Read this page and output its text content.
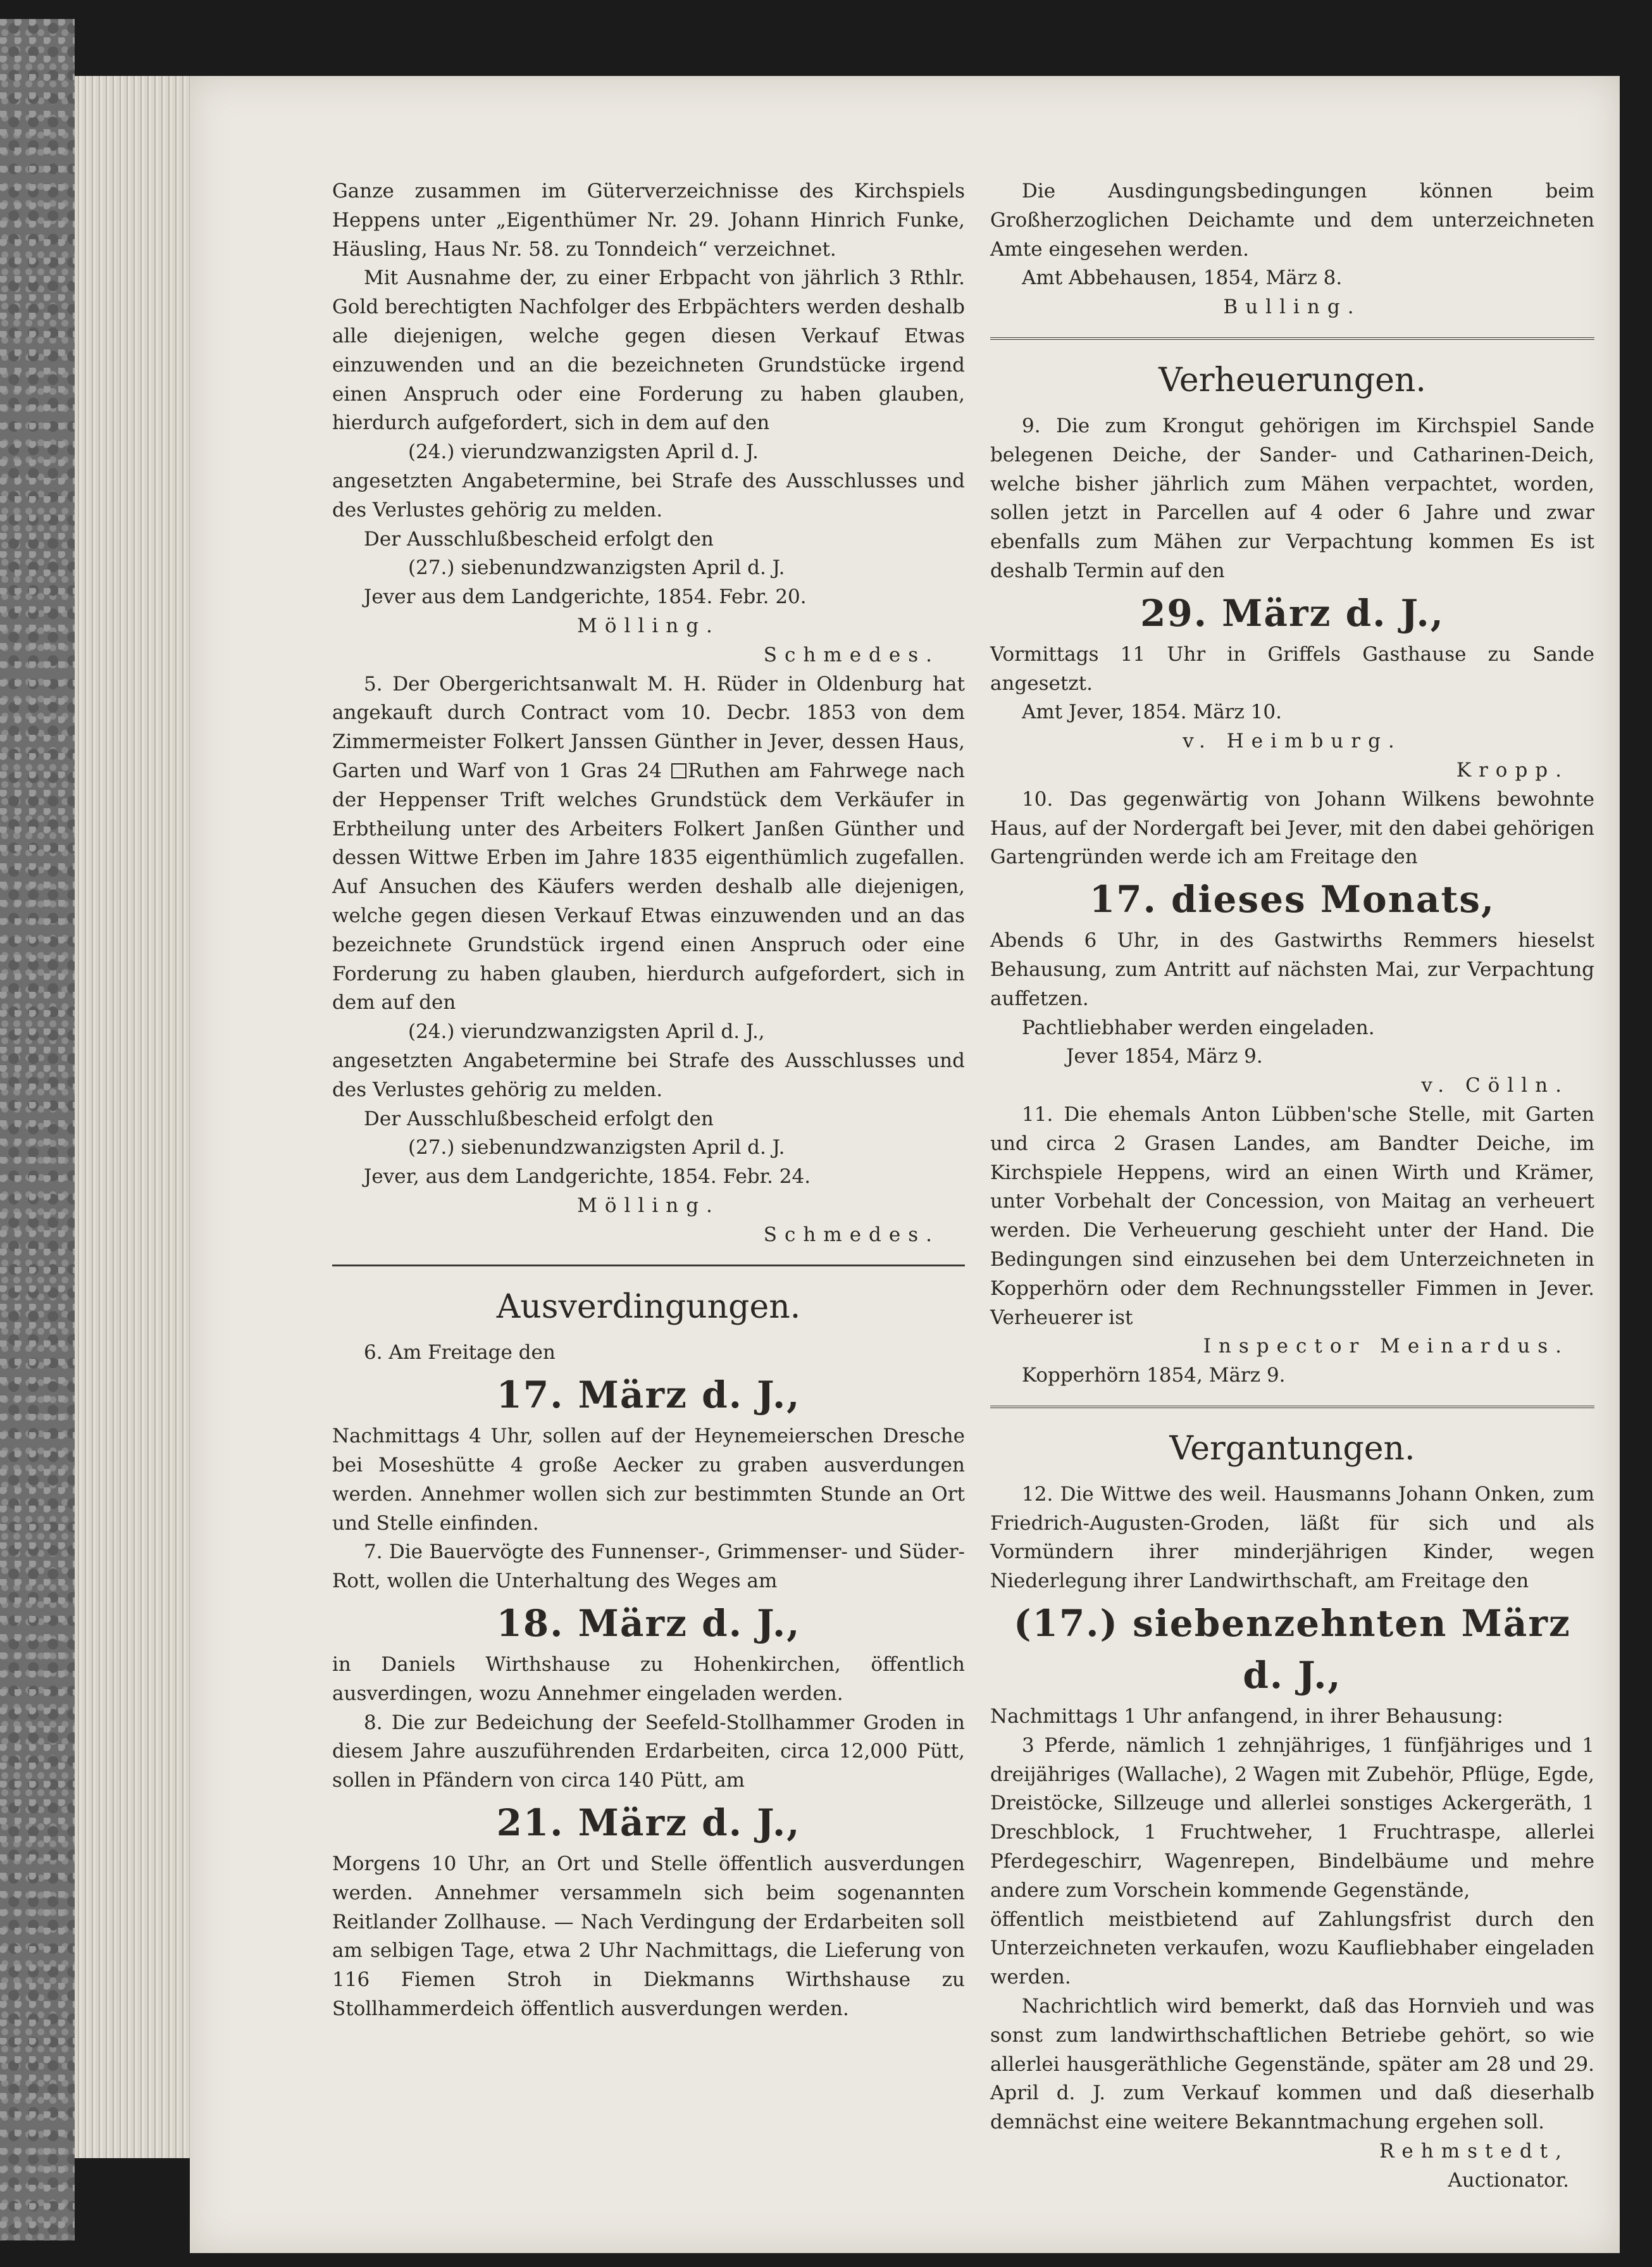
Ganze zusammen im Güterverzeichnisse des Kirchspiels Heppens unter „Eigenthümer Nr. 29. Johann Hinrich Funke, Häusling, Haus Nr. 58. zu Tonndeich“ verzeichnet.

Mit Ausnahme der, zu einer Erbpacht von jährlich 3 Rthlr. Gold berechtigten Nachfolger des Erbpächters werden deshalb alle diejenigen, welche gegen diesen Verkauf Etwas einzuwenden und an die bezeichneten Grundstücke irgend einen Anspruch oder eine Forderung zu haben glauben, hierdurch aufgefordert, sich in dem auf den

(24.) vierundzwanzigsten April d. J.

angesetzten Angabetermine, bei Strafe des Ausschlusses und des Verlustes gehörig zu melden.

Der Ausschlußbescheid erfolgt den

(27.) siebenundzwanzigsten April d. J.

Jever aus dem Landgerichte, 1854. Febr. 20.

Mölling.

Schmedes.

5. Der Obergerichtsanwalt M. H. Rüder in Oldenburg hat angekauft durch Contract vom 10. Decbr. 1853 von dem Zimmermeister Folkert Janssen Günther in Jever, dessen Haus, Garten und Warf von 1 Gras 24 Ruthen am Fahrwege nach der Heppenser Trift welches Grundstück dem Verkäufer in Erbtheilung unter des Arbeiters Folkert Janßen Günther und dessen Wittwe Erben im Jahre 1835 eigenthümlich zugefallen. Auf Ansuchen des Käufers werden deshalb alle diejenigen, welche gegen diesen Verkauf Etwas einzuwenden und an das bezeichnete Grundstück irgend einen Anspruch oder eine Forderung zu haben glauben, hierdurch aufgefordert, sich in dem auf den

(24.) vierundzwanzigsten April d. J.,

angesetzten Angabetermine bei Strafe des Ausschlusses und des Verlustes gehörig zu melden.

Der Ausschlußbescheid erfolgt den

(27.) siebenundzwanzigsten April d. J.

Jever, aus dem Landgerichte, 1854. Febr. 24.

Mölling.

Schmedes.

Ausverdingungen.

6. Am Freitage den

17. März d. J.,

Nachmittags 4 Uhr, sollen auf der Heynemeierschen Dresche bei Moseshütte 4 große Aecker zu graben ausverdungen werden. Annehmer wollen sich zur bestimmten Stunde an Ort und Stelle einfinden.

7. Die Bauervögte des Funnenser-, Grimmenser- und Süder-Rott, wollen die Unterhaltung des Weges am

18. März d. J.,

in Daniels Wirthshause zu Hohenkirchen, öffentlich ausverdingen, wozu Annehmer eingeladen werden.

8. Die zur Bedeichung der Seefeld-Stollhammer Groden in diesem Jahre auszuführenden Erdarbeiten, circa 12,000 Pütt, sollen in Pfändern von circa 140 Pütt, am

21. März d. J.,

Morgens 10 Uhr, an Ort und Stelle öffentlich ausverdungen werden. Annehmer versammeln sich beim sogenannten Reitlander Zollhause. — Nach Verdingung der Erdarbeiten soll am selbigen Tage, etwa 2 Uhr Nachmittags, die Lieferung von 116 Fiemen Stroh in Diekmanns Wirthshause zu Stollhammerdeich öffentlich ausverdungen werden.

Die Ausdingungsbedingungen können beim Großherzoglichen Deichamte und dem unterzeichneten Amte eingesehen werden.

Amt Abbehausen, 1854, März 8.

Bulling.

Verheuerungen.

9. Die zum Krongut gehörigen im Kirchspiel Sande belegenen Deiche, der Sander- und Catharinen-Deich, welche bisher jährlich zum Mähen verpachtet, worden, sollen jetzt in Parcellen auf 4 oder 6 Jahre und zwar ebenfalls zum Mähen zur Verpachtung kommen Es ist deshalb Termin auf den

29. März d. J.,

Vormittags 11 Uhr in Griffels Gasthause zu Sande angesetzt.

Amt Jever, 1854. März 10.

v. Heimburg.

Kropp.

10. Das gegenwärtig von Johann Wilkens bewohnte Haus, auf der Nordergaft bei Jever, mit den dabei gehörigen Gartengründen werde ich am Freitage den

17. dieses Monats,

Abends 6 Uhr, in des Gastwirths Remmers hieselst Behausung, zum Antritt auf nächsten Mai, zur Verpachtung auffetzen.

Pachtliebhaber werden eingeladen.

Jever 1854, März 9.

v. Cölln.

11. Die ehemals Anton Lübben'sche Stelle, mit Garten und circa 2 Grasen Landes, am Bandter Deiche, im Kirchspiele Heppens, wird an einen Wirth und Krämer, unter Vorbehalt der Concession, von Maitag an verheuert werden. Die Verheuerung geschieht unter der Hand. Die Bedingungen sind einzusehen bei dem Unterzeichneten in Kopperhörn oder dem Rechnungssteller Fimmen in Jever. Verheuerer ist

Inspector Meinardus.

Kopperhörn 1854, März 9.

Vergantungen.

12. Die Wittwe des weil. Hausmanns Johann Onken, zum Friedrich-Augusten-Groden, läßt für sich und als Vormündern ihrer minderjährigen Kinder, wegen Niederlegung ihrer Landwirthschaft, am Freitage den

(17.) siebenzehnten März d. J.,

Nachmittags 1 Uhr anfangend, in ihrer Behausung:

3 Pferde, nämlich 1 zehnjähriges, 1 fünfjähriges und 1 dreijähriges (Wallache), 2 Wagen mit Zubehör, Pflüge, Egde, Dreistöcke, Sillzeuge und allerlei sonstiges Ackergeräth, 1 Dreschblock, 1 Fruchtweher, 1 Fruchtraspe, allerlei Pferdegeschirr, Wagenrepen, Bindelbäume und mehre andere zum Vorschein kommende Gegenstände,

öffentlich meistbietend auf Zahlungsfrist durch den Unterzeichneten verkaufen, wozu Kaufliebhaber eingeladen werden.

Nachrichtlich wird bemerkt, daß das Hornvieh und was sonst zum landwirthschaftlichen Betriebe gehört, so wie allerlei hausgeräthliche Gegenstände, später am 28 und 29. April d. J. zum Verkauf kommen und daß dieserhalb demnächst eine weitere Bekanntmachung ergehen soll.

Rehmstedt,

Auctionator.
